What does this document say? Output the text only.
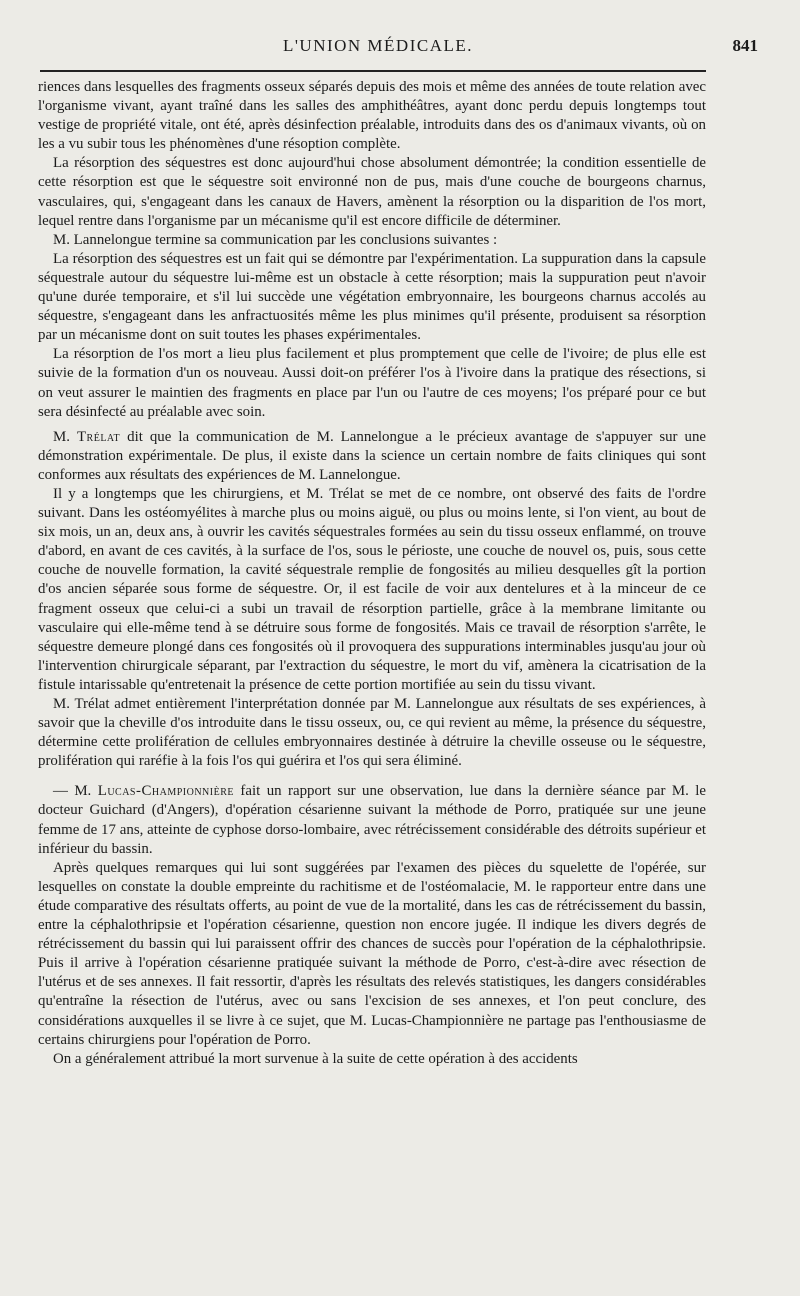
L'UNION MÉDICALE.	841

riences dans lesquelles des fragments osseux séparés depuis des mois et même des années de toute relation avec l'organisme vivant, ayant traîné dans les salles des amphithéâtres, ayant donc perdu depuis longtemps tout vestige de propriété vitale, ont été, après désinfection préalable, introduits dans des os d'animaux vivants, où on les a vu subir tous les phénomènes d'une résoption complète.

La résorption des séquestres est donc aujourd'hui chose absolument démontrée; la condition essentielle de cette résorption est que le séquestre soit environné non de pus, mais d'une couche de bourgeons charnus, vasculaires, qui, s'engageant dans les canaux de Havers, amènent la résorption ou la disparition de l'os mort, lequel rentre dans l'organisme par un mécanisme qu'il est encore difficile de déterminer.

M. Lannelongue termine sa communication par les conclusions suivantes :

La résorption des séquestres est un fait qui se démontre par l'expérimentation. La suppuration dans la capsule séquestrale autour du séquestre lui-même est un obstacle à cette résorption; mais la suppuration peut n'avoir qu'une durée temporaire, et s'il lui succède une végétation embryonnaire, les bourgeons charnus accolés au séquestre, s'engageant dans les anfractuosités même les plus minimes qu'il présente, produisent sa résorption par un mécanisme dont on suit toutes les phases expérimentales.

La résorption de l'os mort a lieu plus facilement et plus promptement que celle de l'ivoire; de plus elle est suivie de la formation d'un os nouveau. Aussi doit-on préférer l'os à l'ivoire dans la pratique des résections, si on veut assurer le maintien des fragments en place par l'un ou l'autre de ces moyens; l'os préparé pour ce but sera désinfecté au préalable avec soin.

M. Trélat dit que la communication de M. Lannelongue a le précieux avantage de s'appuyer sur une démonstration expérimentale. De plus, il existe dans la science un certain nombre de faits cliniques qui sont conformes aux résultats des expériences de M. Lannelongue.

Il y a longtemps que les chirurgiens, et M. Trélat se met de ce nombre, ont observé des faits de l'ordre suivant. Dans les ostéomyélites à marche plus ou moins aiguë, ou plus ou moins lente, si l'on vient, au bout de six mois, un an, deux ans, à ouvrir les cavités séquestrales formées au sein du tissu osseux enflammé, on trouve d'abord, en avant de ces cavités, à la surface de l'os, sous le périoste, une couche de nouvel os, puis, sous cette couche de nouvelle formation, la cavité séquestrale remplie de fongosités au milieu desquelles gît la portion d'os ancien séparée sous forme de séquestre. Or, il est facile de voir aux dentelures et à la minceur de ce fragment osseux que celui-ci a subi un travail de résorption partielle, grâce à la membrane limitante ou vasculaire qui elle-même tend à se détruire sous forme de fongosités. Mais ce travail de résorption s'arrête, le séquestre demeure plongé dans ces fongosités où il provoquera des suppurations interminables jusqu'au jour où l'intervention chirurgicale séparant, par l'extraction du séquestre, le mort du vif, amènera la cicatrisation de la fistule intarissable qu'entretenait la présence de cette portion mortifiée au sein du tissu vivant.

M. Trélat admet entièrement l'interprétation donnée par M. Lannelongue aux résultats de ses expériences, à savoir que la cheville d'os introduite dans le tissu osseux, ou, ce qui revient au même, la présence du séquestre, détermine cette prolifération de cellules embryonnaires destinée à détruire la cheville osseuse ou le séquestre, prolifération qui raréfie à la fois l'os qui guérira et l'os qui sera éliminé.

— M. Lucas-Championnière fait un rapport sur une observation, lue dans la dernière séance par M. le docteur Guichard (d'Angers), d'opération césarienne suivant la méthode de Porro, pratiquée sur une jeune femme de 17 ans, atteinte de cyphose dorso-lombaire, avec rétrécissement considérable des détroits supérieur et inférieur du bassin.

Après quelques remarques qui lui sont suggérées par l'examen des pièces du squelette de l'opérée, sur lesquelles on constate la double empreinte du rachitisme et de l'ostéomalacie, M. le rapporteur entre dans une étude comparative des résultats offerts, au point de vue de la mortalité, dans les cas de rétrécissement du bassin, entre la céphalothripsie et l'opération césarienne, question non encore jugée. Il indique les divers degrés de rétrécissement du bassin qui lui paraissent offrir des chances de succès pour l'opération de la céphalothripsie. Puis il arrive à l'opération césarienne pratiquée suivant la méthode de Porro, c'est-à-dire avec résection de l'utérus et de ses annexes. Il fait ressortir, d'après les résultats des relevés statistiques, les dangers considérables qu'entraîne la résection de l'utérus, avec ou sans l'excision de ses annexes, et l'on peut conclure, des considérations auxquelles il se livre à ce sujet, que M. Lucas-Championnière ne partage pas l'enthousiasme de certains chirurgiens pour l'opération de Porro.

On a généralement attribué la mort survenue à la suite de cette opération à des accidents
